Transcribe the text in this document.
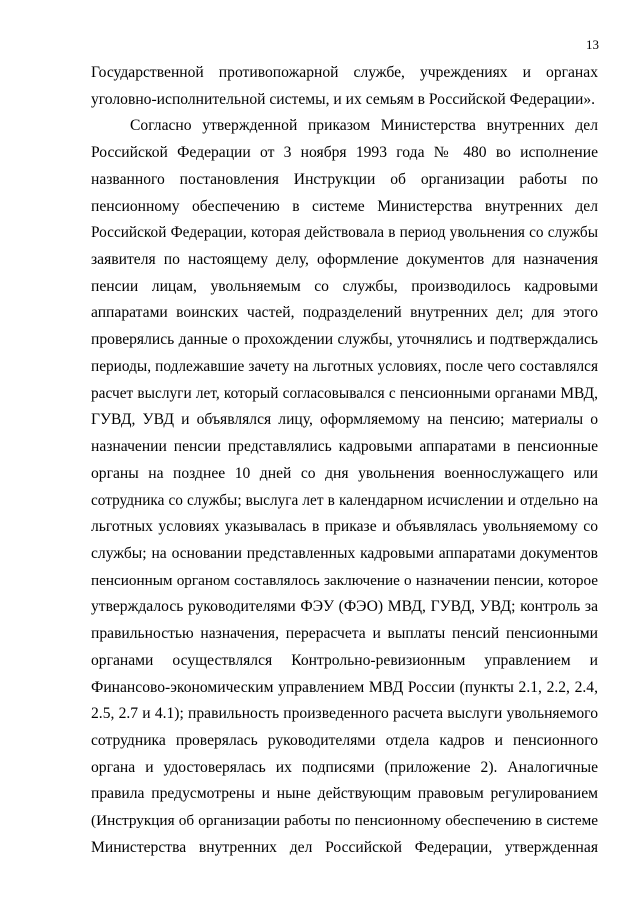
13
Государственной противопожарной службе, учреждениях и органах
уголовно-исполнительной системы, и их семьям в Российской Федерации».
Согласно утвержденной приказом Министерства внутренних дел
Российской Федерации от 3 ноября 1993 года № 480 во исполнение
названного постановления Инструкции об организации работы по
пенсионному обеспечению в системе Министерства внутренних дел
Российской Федерации, которая действовала в период увольнения со службы
заявителя по настоящему делу, оформление документов для назначения
пенсии лицам, увольняемым со службы, производилось кадровыми
аппаратами воинских частей, подразделений внутренних дел; для этого
проверялись данные о прохождении службы, уточнялись и подтверждались
периоды, подлежавшие зачету на льготных условиях, после чего составлялся
расчет выслуги лет, который согласовывался с пенсионными органами МВД,
ГУВД, УВД и объявлялся лицу, оформляемому на пенсию; материалы о
назначении пенсии представлялись кадровыми аппаратами в пенсионные
органы на позднее 10 дней со дня увольнения военнослужащего или
сотрудника со службы; выслуга лет в календарном исчислении и отдельно на
льготных условиях указывалась в приказе и объявлялась увольняемому со
службы; на основании представленных кадровыми аппаратами документов
пенсионным органом составлялось заключение о назначении пенсии, которое
утверждалось руководителями ФЭУ (ФЭО) МВД, ГУВД, УВД; контроль за
правильностью назначения, перерасчета и выплаты пенсий пенсионными
органами осуществлялся Контрольно-ревизионным управлением и
Финансово-экономическим управлением МВД России (пункты 2.1, 2.2, 2.4,
2.5, 2.7 и 4.1); правильность произведенного расчета выслуги увольняемого
сотрудника проверялась руководителями отдела кадров и пенсионного
органа и удостоверялась их подписями (приложение 2). Аналогичные
правила предусмотрены и ныне действующим правовым регулированием
(Инструкция об организации работы по пенсионному обеспечению в системе
Министерства внутренних дел Российской Федерации, утвержденная
